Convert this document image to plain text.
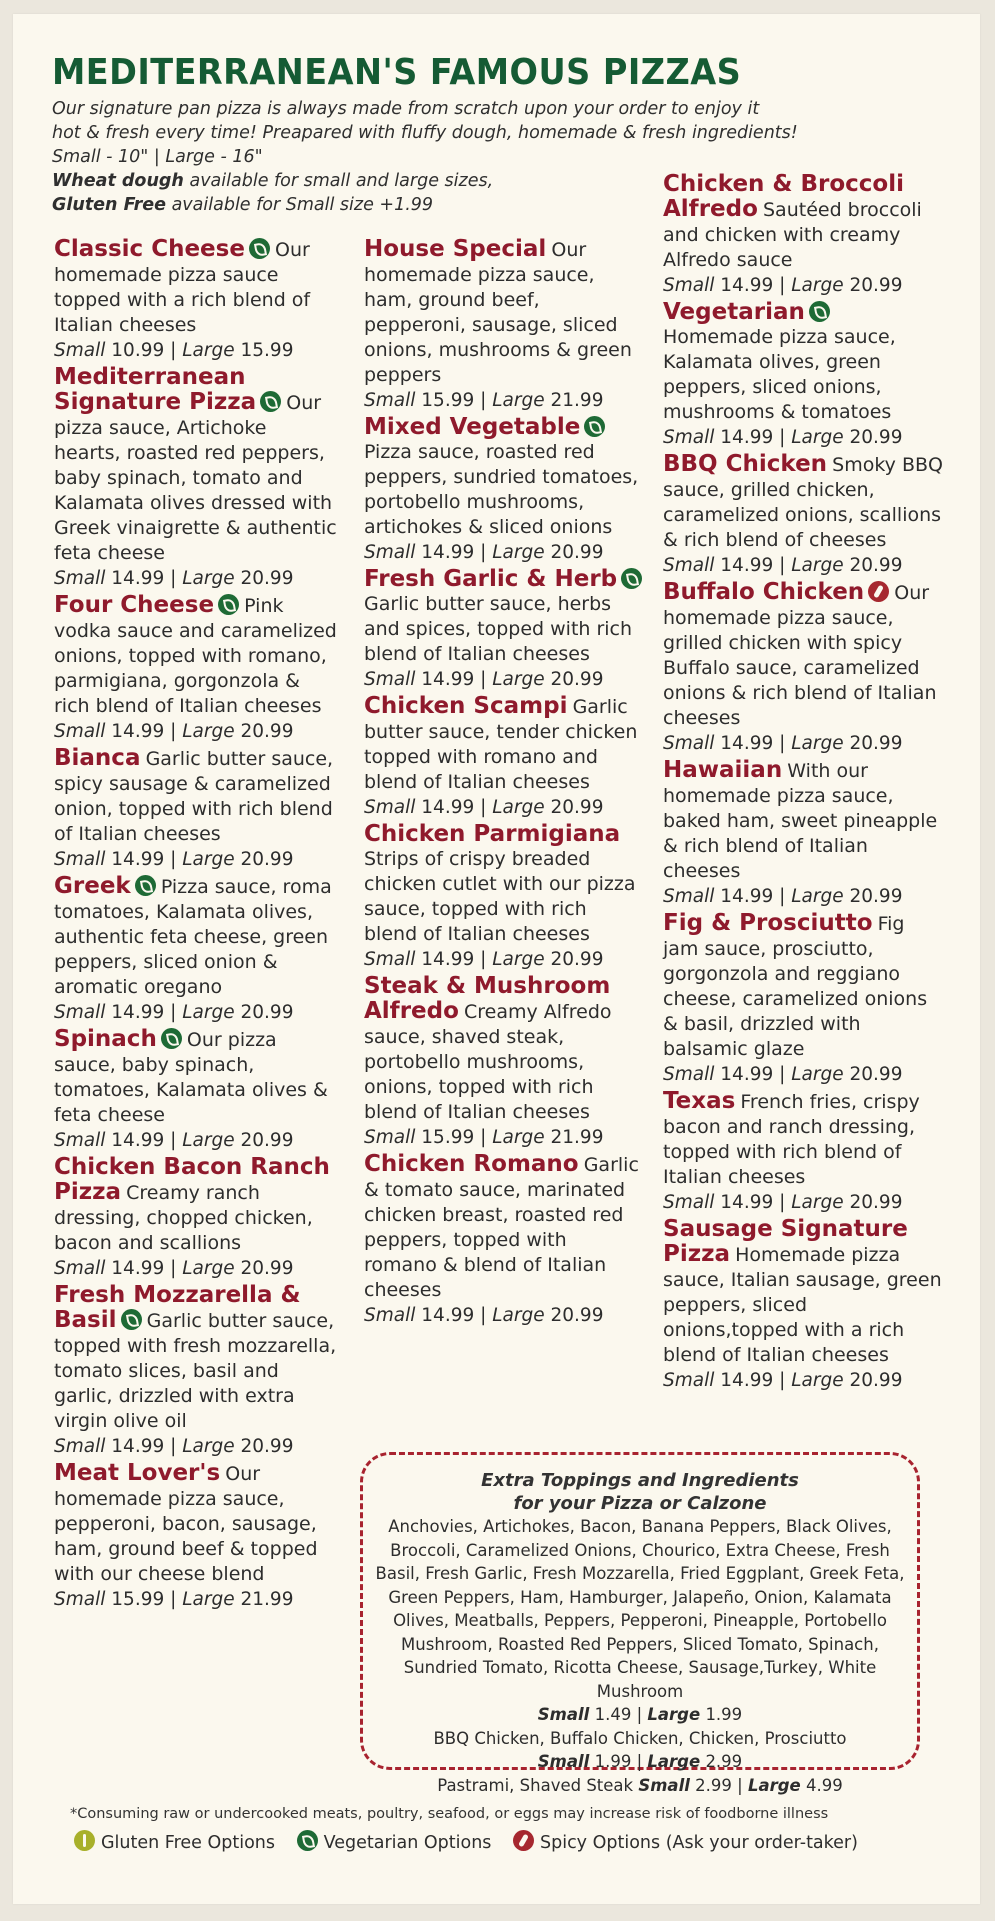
MEDITERRANEAN'S FAMOUS PIZZAS
Our signature pan pizza is always made from scratch upon your order to enjoy it
hot & fresh every time! Preapared with fluffy dough, homemade & fresh ingredients!
Small - 10" | Large - 16"
Wheat dough available for small and large sizes,
Gluten Free available for Small size +1.99
Classic Cheese Our homemade pizza sauce topped with a rich blend of Italian cheeses
Small 10.99 | Large 15.99
Mediterranean Signature Pizza Our pizza sauce, Artichoke hearts, roasted red peppers, baby spinach, tomato and Kalamata olives dressed with Greek vinaigrette & authentic feta cheese
Small 14.99 | Large 20.99
Four Cheese Pink vodka sauce and caramelized onions, topped with romano, parmigiana, gorgonzola & rich blend of Italian cheeses
Small 14.99 | Large 20.99
Bianca Garlic butter sauce, spicy sausage & caramelized onion, topped with rich blend of Italian cheeses
Small 14.99 | Large 20.99
Greek Pizza sauce, roma tomatoes, Kalamata olives, authentic feta cheese, green peppers, sliced onion & aromatic oregano
Small 14.99 | Large 20.99
Spinach Our pizza sauce, baby spinach, tomatoes, Kalamata olives & feta cheese
Small 14.99 | Large 20.99
Chicken Bacon Ranch Pizza Creamy ranch dressing, chopped chicken, bacon and scallions
Small 14.99 | Large 20.99
Fresh Mozzarella & Basil Garlic butter sauce, topped with fresh mozzarella, tomato slices, basil and garlic, drizzled with extra virgin olive oil
Small 14.99 | Large 20.99
Meat Lover's Our homemade pizza sauce, pepperoni, bacon, sausage, ham, ground beef & topped with our cheese blend
Small 15.99 | Large 21.99
House Special Our homemade pizza sauce, ham, ground beef, pepperoni, sausage, sliced onions, mushrooms & green peppers
Small 15.99 | Large 21.99
Mixed Vegetable Pizza sauce, roasted red peppers, sundried tomatoes, portobello mushrooms, artichokes & sliced onions
Small 14.99 | Large 20.99
Fresh Garlic & Herb Garlic butter sauce, herbs and spices, topped with rich blend of Italian cheeses
Small 14.99 | Large 20.99
Chicken Scampi Garlic butter sauce, tender chicken topped with romano and blend of Italian cheeses
Small 14.99 | Large 20.99
Chicken Parmigiana Strips of crispy breaded chicken cutlet with our pizza sauce, topped with rich blend of Italian cheeses
Small 14.99 | Large 20.99
Steak & Mushroom Alfredo Creamy Alfredo sauce, shaved steak, portobello mushrooms, onions, topped with rich blend of Italian cheeses
Small 15.99 | Large 21.99
Chicken Romano Garlic & tomato sauce, marinated chicken breast, roasted red peppers, topped with romano & blend of Italian cheeses
Small 14.99 | Large 20.99
Chicken & Broccoli Alfredo Sautéed broccoli and chicken with creamy Alfredo sauce
Small 14.99 | Large 20.99
Vegetarian Homemade pizza sauce, Kalamata olives, green peppers, sliced onions, mushrooms & tomatoes
Small 14.99 | Large 20.99
BBQ Chicken Smoky BBQ sauce, grilled chicken, caramelized onions, scallions & rich blend of cheeses
Small 14.99 | Large 20.99
Buffalo Chicken Our homemade pizza sauce, grilled chicken with spicy Buffalo sauce, caramelized onions & rich blend of Italian cheeses
Small 14.99 | Large 20.99
Hawaiian With our homemade pizza sauce, baked ham, sweet pineapple & rich blend of Italian cheeses
Small 14.99 | Large 20.99
Fig & Prosciutto Fig jam sauce, prosciutto, gorgonzola and reggiano cheese, caramelized onions & basil, drizzled with balsamic glaze
Small 14.99 | Large 20.99
Texas French fries, crispy bacon and ranch dressing, topped with rich blend of Italian cheeses
Small 14.99 | Large 20.99
Sausage Signature Pizza Homemade pizza sauce, Italian sausage, green peppers, sliced onions,topped with a rich blend of Italian cheeses
Small 14.99 | Large 20.99
Extra Toppings and Ingredients
for your Pizza or Calzone
Anchovies, Artichokes, Bacon, Banana Peppers, Black Olives, Broccoli, Caramelized Onions, Chourico, Extra Cheese, Fresh Basil, Fresh Garlic, Fresh Mozzarella, Fried Eggplant, Greek Feta, Green Peppers, Ham, Hamburger, Jalapeño, Onion, Kalamata Olives, Meatballs, Peppers, Pepperoni, Pineapple, Portobello Mushroom, Roasted Red Peppers, Sliced Tomato, Spinach, Sundried Tomato, Ricotta Cheese, Sausage,Turkey, White Mushroom
Small 1.49 | Large 1.99
BBQ Chicken, Buffalo Chicken, Chicken, Prosciutto
Small 1.99 | Large 2.99
Pastrami, Shaved Steak Small 2.99 | Large 4.99
*Consuming raw or undercooked meats, poultry, seafood, or eggs may increase risk of foodborne illness
Gluten Free Options	Vegetarian Options	Spicy Options (Ask your order-taker)
